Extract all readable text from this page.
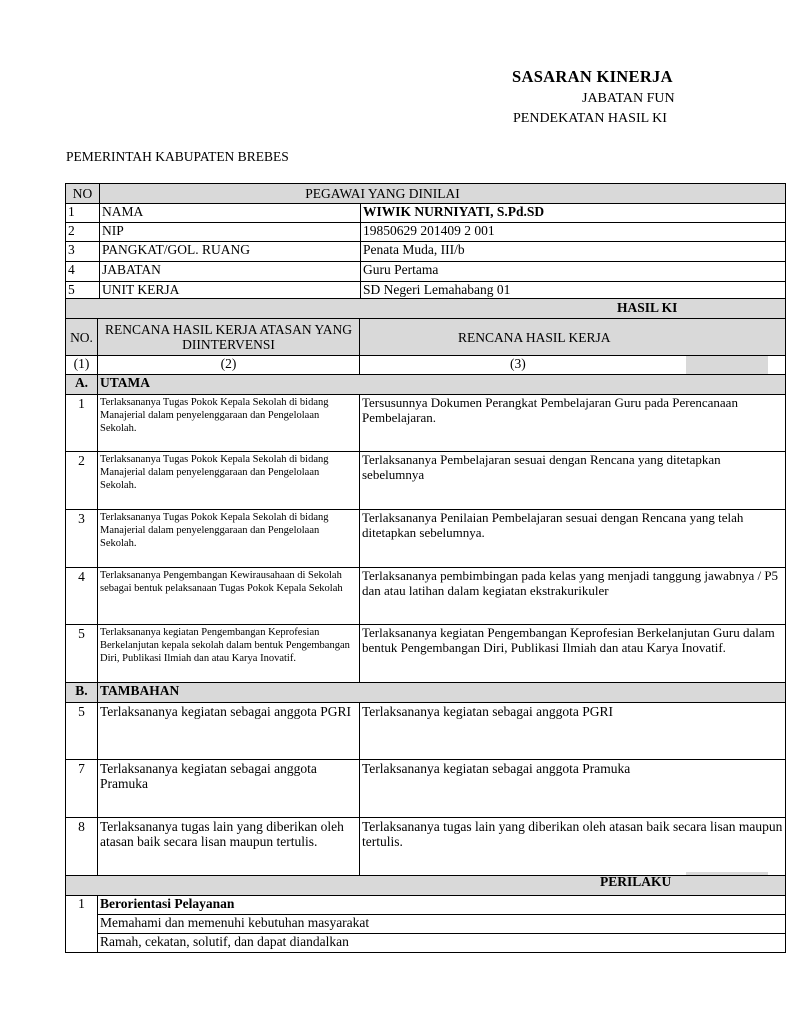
SASARAN KINERJA
JABATAN FUN
PENDEKATAN HASIL KI
PEMERINTAH KABUPATEN BREBES
NO	PEGAWAI YANG DINILAI	
1	NAMA	WIWIK NURNIYATI, S.Pd.SD
2	NIP	19850629 201409 2 001
3	PANGKAT/GOL. RUANG	Penata Muda, III/b
4	JABATAN	Guru Pertama
5	UNIT KERJA	SD Negeri Lemahabang 01

NO.	RENCANA HASIL KERJA ATASAN YANG DIINTERVENSI	RENCANA HASIL KERJA
(1)	(2)	(3)
A.	UTAMA	
1	Terlaksananya Tugas Pokok Kepala Sekolah di bidang Manajerial dalam penyelenggaraan dan Pengelolaan Sekolah.	Tersusunnya Dokumen Perangkat Pembelajaran Guru pada Perencanaan Pembelajaran.
2	Terlaksananya Tugas Pokok Kepala Sekolah di bidang Manajerial dalam penyelenggaraan dan Pengelolaan Sekolah.	Terlaksananya Pembelajaran sesuai dengan Rencana yang ditetapkan sebelumnya
3	Terlaksananya Tugas Pokok Kepala Sekolah di bidang Manajerial dalam penyelenggaraan dan Pengelolaan Sekolah.	Terlaksananya Penilaian Pembelajaran sesuai dengan Rencana yang telah ditetapkan sebelumnya.
4	Terlaksananya Pengembangan Kewirausahaan di Sekolah sebagai bentuk pelaksanaan Tugas Pokok Kepala Sekolah	Terlaksananya pembimbingan pada kelas yang menjadi tanggung jawabnya / P5 dan atau latihan dalam kegiatan ekstrakurikuler
5	Terlaksananya kegiatan Pengembangan Keprofesian Berkelanjutan kepala sekolah dalam bentuk Pengembangan Diri, Publikasi Ilmiah dan atau Karya Inovatif.	Terlaksananya kegiatan Pengembangan Keprofesian Berkelanjutan Guru dalam bentuk Pengembangan Diri, Publikasi Ilmiah dan atau Karya Inovatif.
B.	TAMBAHAN	
5	Terlaksananya kegiatan sebagai anggota PGRI	Terlaksananya kegiatan sebagai anggota PGRI
7	Terlaksananya kegiatan sebagai anggota Pramuka	Terlaksananya kegiatan sebagai anggota Pramuka
8	Terlaksananya tugas lain yang diberikan oleh atasan baik secara lisan maupun tertulis.	Terlaksananya tugas lain yang diberikan oleh atasan baik secara lisan maupun tertulis.

1	Berorientasi Pelayanan	
	Memahami dan memenuhi kebutuhan masyarakat	
	Ramah, cekatan, solutif, dan dapat diandalkan	
HASIL KI
PERILAKU
